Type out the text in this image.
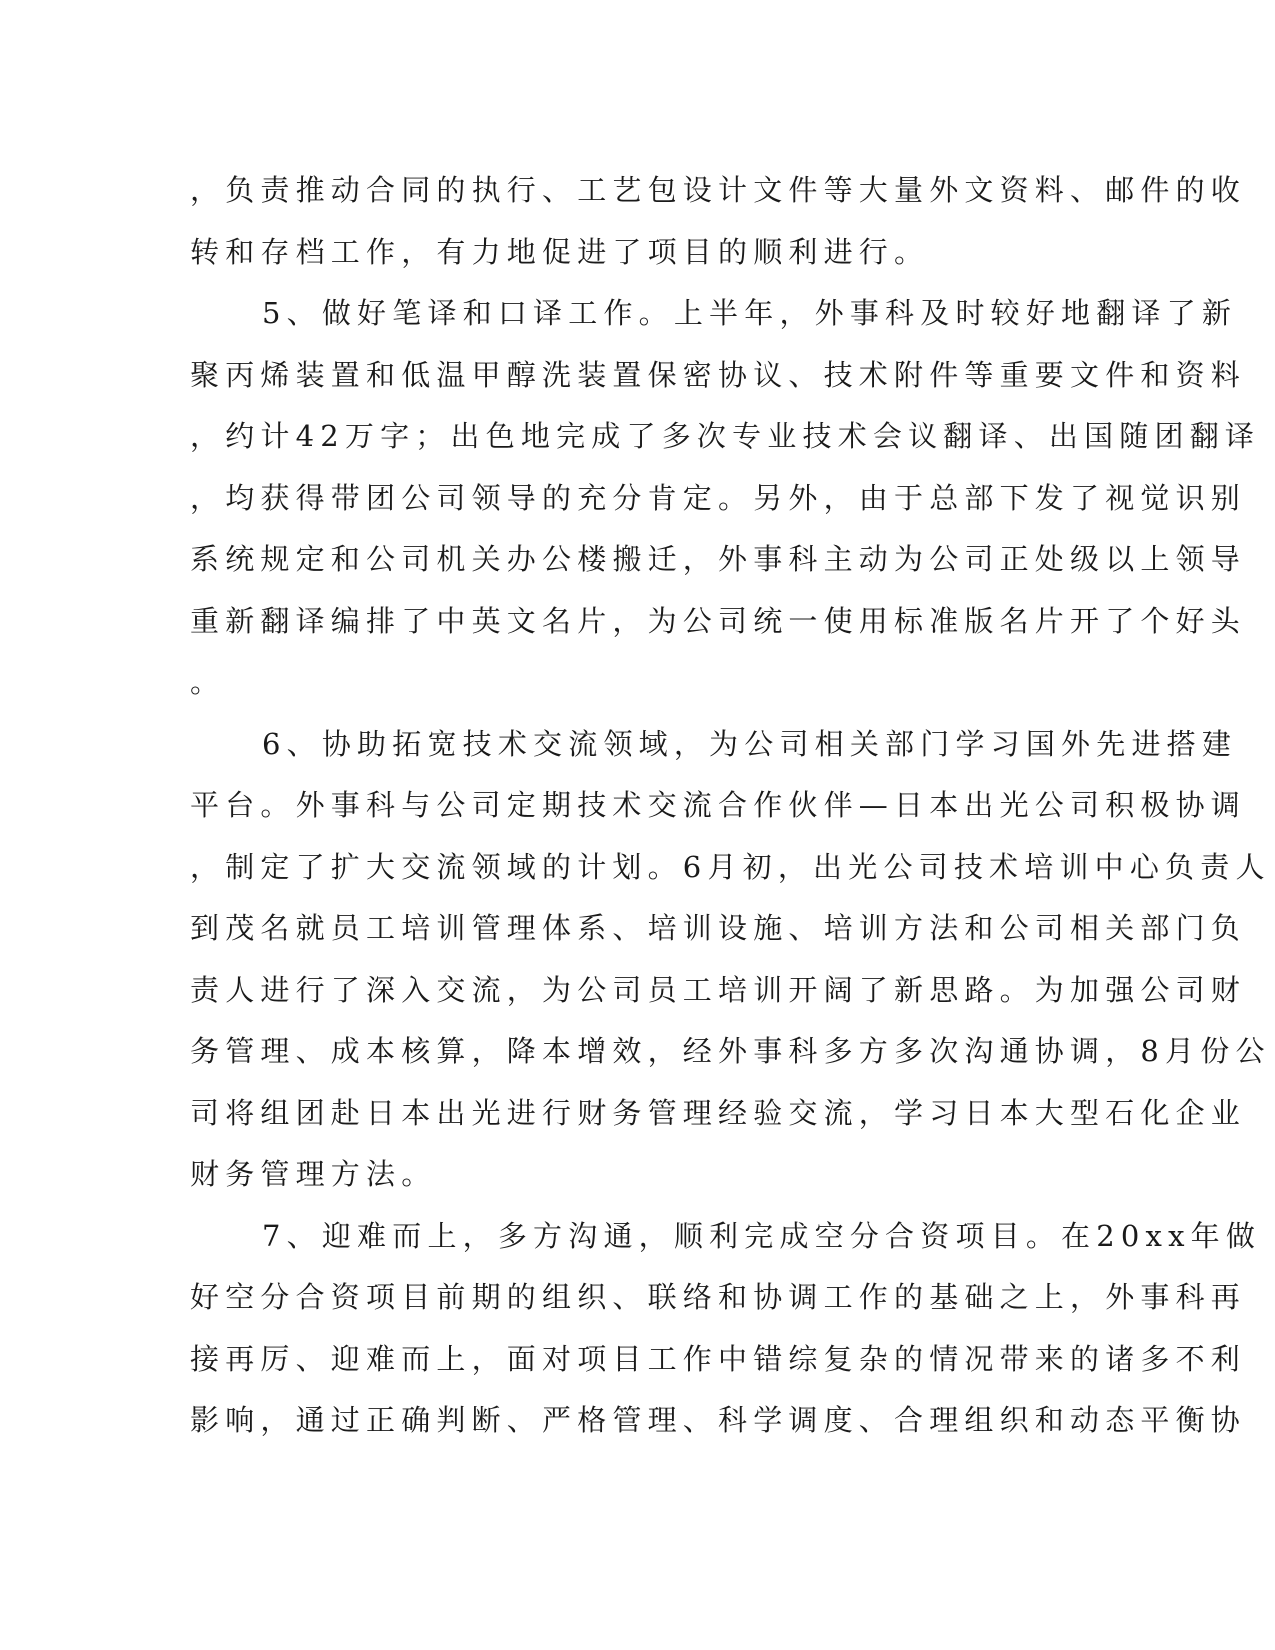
，负责推动合同的执行、工艺包设计文件等大量外文资料、邮件的收
转和存档工作，有力地促进了项目的顺利进行。
5、做好笔译和口译工作。上半年，外事科及时较好地翻译了新
聚丙烯装置和低温甲醇洗装置保密协议、技术附件等重要文件和资料
，约计42万字；出色地完成了多次专业技术会议翻译、出国随团翻译
，均获得带团公司领导的充分肯定。另外，由于总部下发了视觉识别
系统规定和公司机关办公楼搬迁，外事科主动为公司正处级以上领导
重新翻译编排了中英文名片，为公司统一使用标准版名片开了个好头
。
6、协助拓宽技术交流领域，为公司相关部门学习国外先进搭建
平台。外事科与公司定期技术交流合作伙伴—日本出光公司积极协调
，制定了扩大交流领域的计划。6月初，出光公司技术培训中心负责人
到茂名就员工培训管理体系、培训设施、培训方法和公司相关部门负
责人进行了深入交流，为公司员工培训开阔了新思路。为加强公司财
务管理、成本核算，降本增效，经外事科多方多次沟通协调，8月份公
司将组团赴日本出光进行财务管理经验交流，学习日本大型石化企业
财务管理方法。
7、迎难而上，多方沟通，顺利完成空分合资项目。在20xx年做
好空分合资项目前期的组织、联络和协调工作的基础之上，外事科再
接再厉、迎难而上，面对项目工作中错综复杂的情况带来的诸多不利
影响，通过正确判断、严格管理、科学调度、合理组织和动态平衡协
